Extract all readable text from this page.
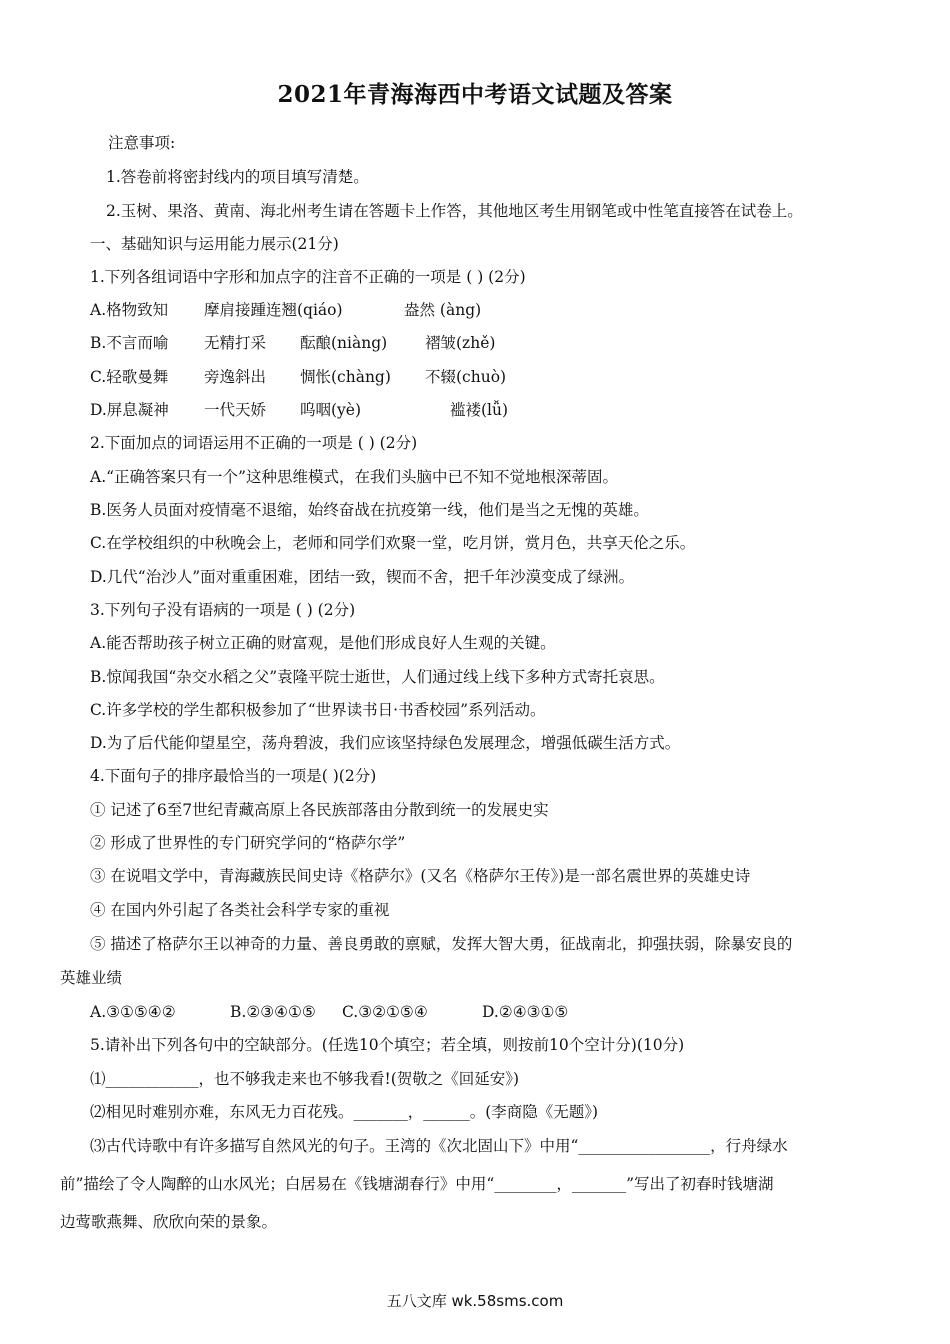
2021年青海海西中考语文试题及答案
注意事项:
1.答卷前将密封线内的项目填写清楚。
2.玉树、果洛、黄南、海北州考生请在答题卡上作答，其他地区考生用钢笔或中性笔直接答在试卷上。
一、基础知识与运用能力展示(21分)
1.下列各组词语中字形和加点字的注音不正确的一项是 ( ) (2分)
A.格物致知 摩肩接踵连翘(qiáo)	盎然 (àng)
B.不言而喻 无精打采 酝酿(niàng) 褶皱(zhě)
C.轻歌曼舞 旁逸斜出 惆怅(chàng) 不辍(chuò)
D.屏息凝神 一代天娇 呜咽(yè)	褴褛(lǚ)
2.下面加点的词语运用不正确的一项是 ( ) (2分)
A.“正确答案只有一个”这种思维模式，在我们头脑中已不知不觉地根深蒂固。
B.医务人员面对疫情毫不退缩，始终奋战在抗疫第一线，他们是当之无愧的英雄。
C.在学校组织的中秋晚会上，老师和同学们欢聚一堂，吃月饼，赏月色，共享天伦之乐。
D.几代“治沙人”面对重重困难，团结一致，锲而不舍，把千年沙漠变成了绿洲。
3.下列句子没有语病的一项是 ( ) (2分)
A.能否帮助孩子树立正确的财富观，是他们形成良好人生观的关键。
B.惊闻我国“杂交水稻之父”袁隆平院士逝世，人们通过线上线下多种方式寄托哀思。
C.许多学校的学生都积极参加了“世界读书日·书香校园”系列活动。
D.为了后代能仰望星空，荡舟碧波，我们应该坚持绿色发展理念，增强低碳生活方式。
4.下面句子的排序最恰当的一项是( )(2分)
① 记述了6至7世纪青藏高原上各民族部落由分散到统一的发展史实
② 形成了世界性的专门研究学问的“格萨尔学”
③ 在说唱文学中，青海藏族民间史诗《格萨尔》(又名《格萨尔王传》)是一部名震世界的英雄史诗
④ 在国内外引起了各类社会科学专家的重视
⑤ 描述了格萨尔王以神奇的力量、善良勇敢的禀赋，发挥大智大勇，征战南北，抑强扶弱，除暴安良的
英雄业绩
A.③①⑤④②	B.②③④①⑤ C.③②①⑤④	D.②④③①⑤
5.请补出下列各句中的空缺部分。(任选10个填空；若全填，则按前10个空计分)(10分)
⑴____________，也不够我走来也不够我看!(贺敬之《回延安》)
⑵相见时难别亦难，东风无力百花残。_______，______。(李商隐《无题》)
⑶古代诗歌中有许多描写自然风光的句子。王湾的《次北固山下》中用“_________________，行舟绿水
前”描绘了令人陶醉的山水风光；白居易在《钱塘湖春行》中用“________，_______”写出了初春时钱塘湖
边莺歌燕舞、欣欣向荣的景象。
五八文库 wk.58sms.com
